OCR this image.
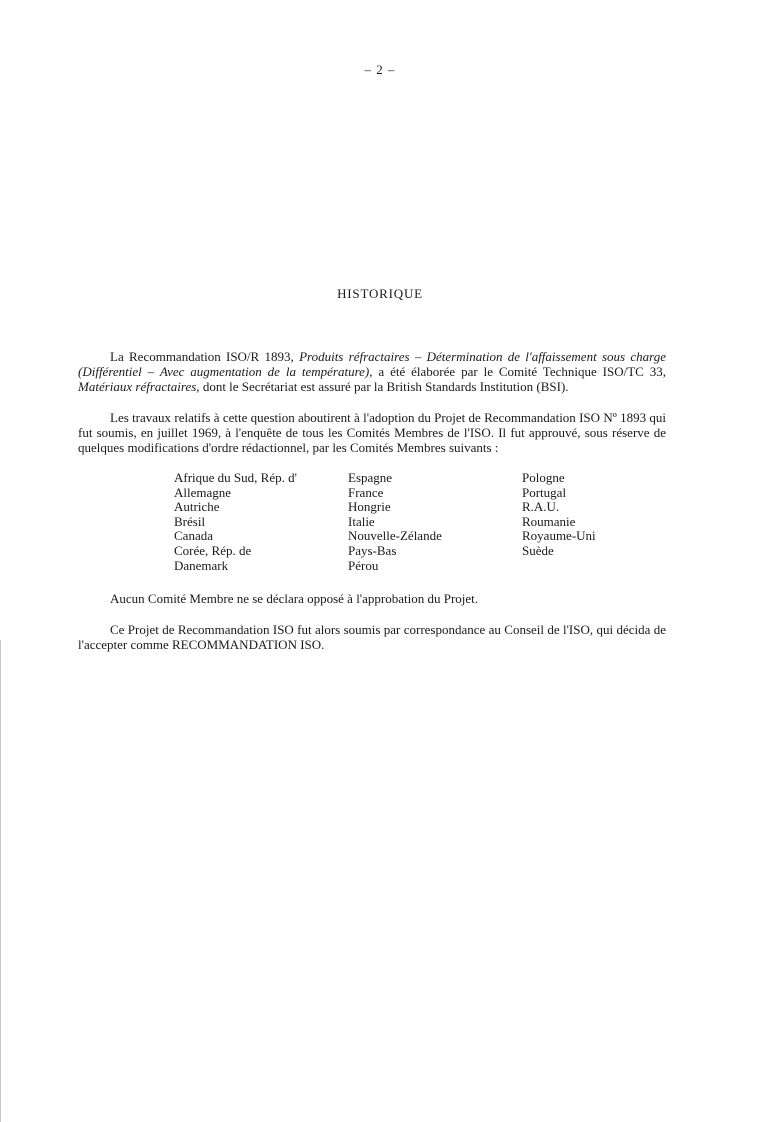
– 2 –
HISTORIQUE
La Recommandation ISO/R 1893, Produits réfractaires – Détermination de l'affaissement sous charge (Différentiel – Avec augmentation de la température), a été élaborée par le Comité Technique ISO/TC 33, Matériaux réfractaires, dont le Secrétariat est assuré par la British Standards Institution (BSI).
Les travaux relatifs à cette question aboutirent à l'adoption du Projet de Recommandation ISO Nº 1893 qui fut soumis, en juillet 1969, à l'enquête de tous les Comités Membres de l'ISO. Il fut approuvé, sous réserve de quelques modifications d'ordre rédactionnel, par les Comités Membres suivants :
Afrique du Sud, Rép. d'
Allemagne
Autriche
Brésil
Canada
Corée, Rép. de
Danemark
Espagne
France
Hongrie
Italie
Nouvelle-Zélande
Pays-Bas
Pérou
Pologne
Portugal
R.A.U.
Roumanie
Royaume-Uni
Suède
Aucun Comité Membre ne se déclara opposé à l'approbation du Projet.
Ce Projet de Recommandation ISO fut alors soumis par correspondance au Conseil de l'ISO, qui décida de l'accepter comme RECOMMANDATION ISO.
